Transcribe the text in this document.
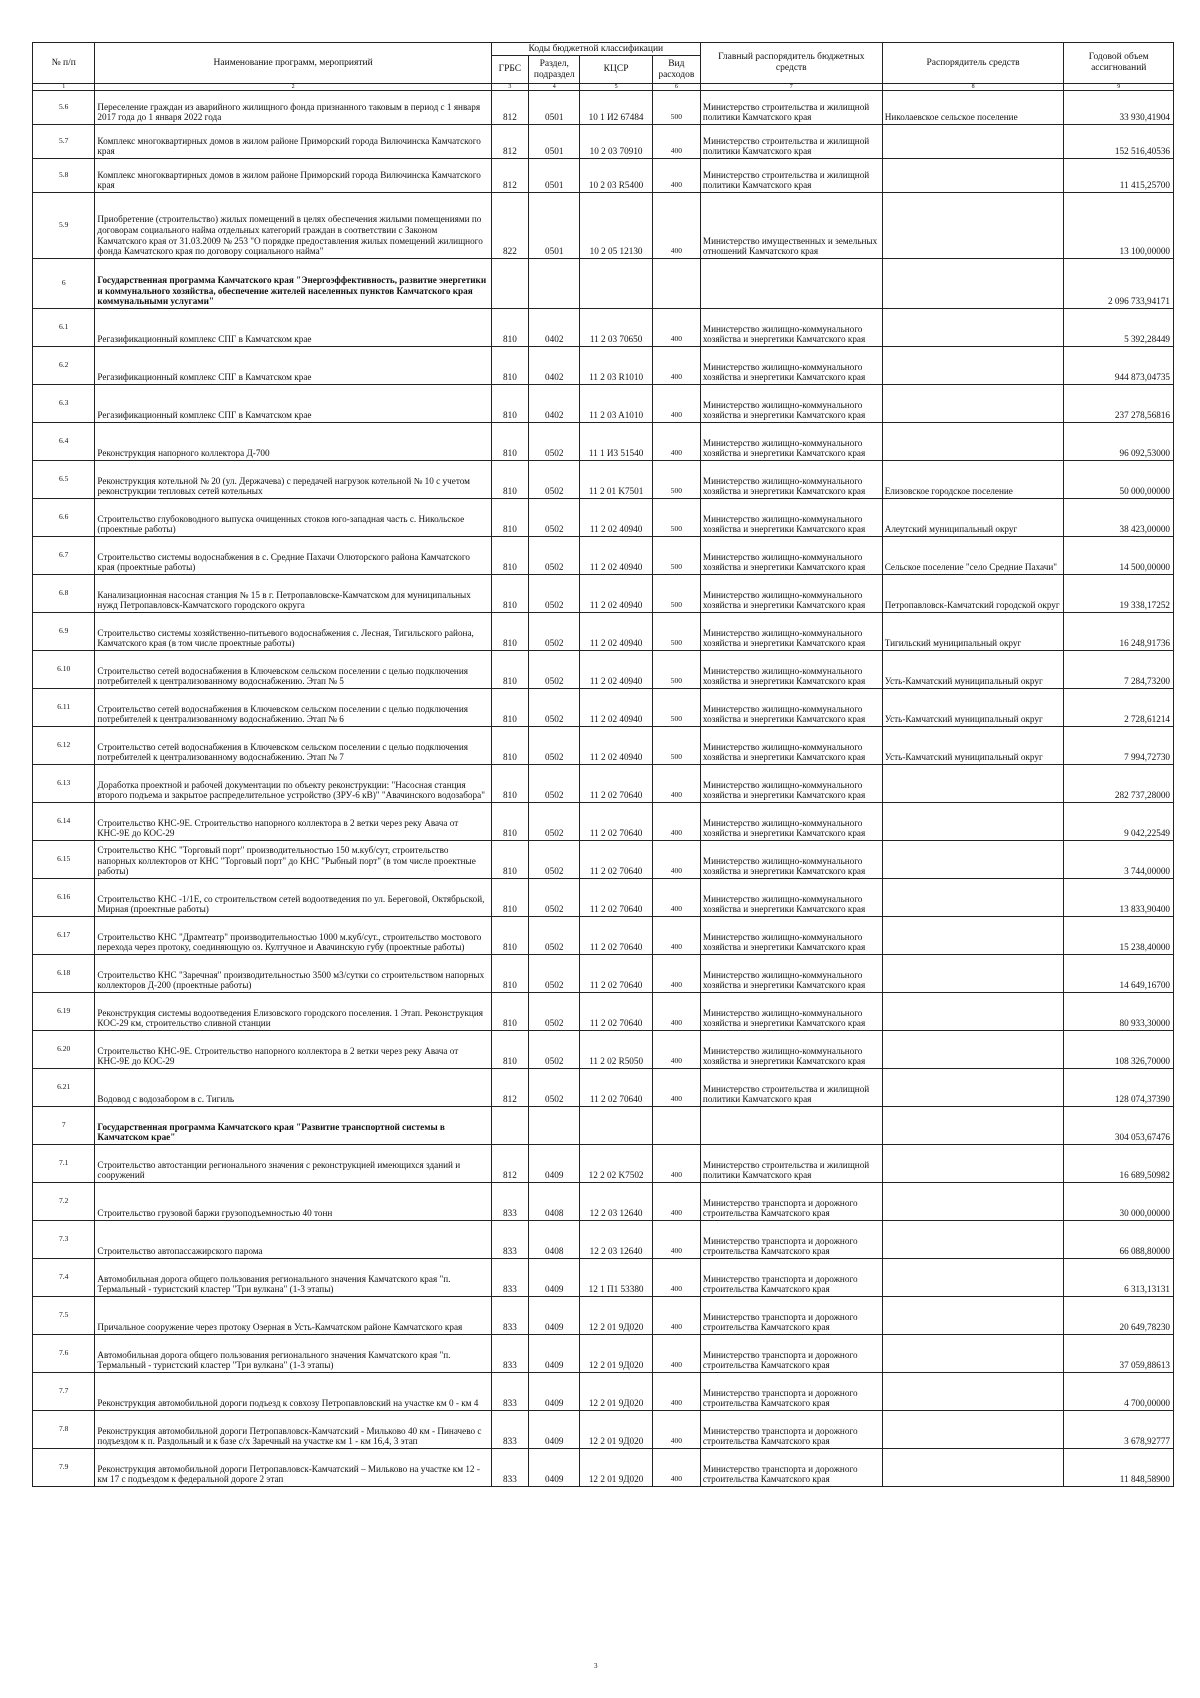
№ п/п	Наименование программ, мероприятий	Коды бюджетной классификации				Главный распорядитель бюджетных средств	Распорядитель средств	Годовой объем ассигнований
		ГРБС	Раздел, подраздел	КЦСР	Вид расходов			
1	2	3	4	5	6	7	8	9
5.6	Переселение граждан из аварийного жилищного фонда признанного таковым в период с 1 января 2017 года до 1 января 2022 года	812	0501	10 1 И2 67484	500	Министерство строительства и жилищной политики Камчатского края	Николаевское сельское поселение	33 930,41904
5.7	Комплекс многоквартирных домов в жилом районе Приморский города Вилючинска Камчатского края	812	0501	10 2 03 70910	400	Министерство строительства и жилищной политики Камчатского края		152 516,40536
5.8	Комплекс многоквартирных домов в жилом районе Приморский города Вилючинска Камчатского края	812	0501	10 2 03 R5400	400	Министерство строительства и жилищной политики Камчатского края		11 415,25700
5.9	Приобретение (строительство) жилых помещений в целях обеспечения жилыми помещениями по договорам социального найма отдельных категорий граждан в соответствии с Законом Камчатского края от 31.03.2009 № 253 "О порядке предоставления жилых помещений жилищного фонда Камчатского края по договору социального найма"	822	0501	10 2 05 12130	400	Министерство имущественных и земельных отношений Камчатского края		13 100,00000
6	Государственная программа Камчатского края "Энергоэффективность, развитие энергетики и коммунального хозяйства, обеспечение жителей населенных пунктов Камчатского края коммунальными услугами"							2 096 733,94171
6.1	Регазификационный комплекс СПГ в Камчатском крае	810	0402	11 2 03 70650	400	Министерство жилищно-коммунального хозяйства и энергетики Камчатского края		5 392,28449
6.2	Регазификационный комплекс СПГ в Камчатском крае	810	0402	11 2 03 R1010	400	Министерство жилищно-коммунального хозяйства и энергетики Камчатского края		944 873,04735
6.3	Регазификационный комплекс СПГ в Камчатском крае	810	0402	11 2 03 A1010	400	Министерство жилищно-коммунального хозяйства и энергетики Камчатского края		237 278,56816
6.4	Реконструкция напорного коллектора Д-700	810	0502	11 1 И3 51540	400	Министерство жилищно-коммунального хозяйства и энергетики Камчатского края		96 092,53000
6.5	Реконструкция котельной № 20 (ул. Держачева) с передачей нагрузок котельной № 10 с учетом реконструкции тепловых сетей котельных	810	0502	11 2 01 K7501	500	Министерство жилищно-коммунального хозяйства и энергетики Камчатского края	Елизовское городское поселение	50 000,00000
6.6	Строительство глубоководного выпуска очищенных стоков юго-западная часть с. Никольское (проектные работы)	810	0502	11 2 02 40940	500	Министерство жилищно-коммунального хозяйства и энергетики Камчатского края	Алеутский муниципальный округ	38 423,00000
6.7	Строительство системы водоснабжения в с. Средние Пахачи Олюторского района Камчатского края (проектные работы)	810	0502	11 2 02 40940	500	Министерство жилищно-коммунального хозяйства и энергетики Камчатского края	Сельское поселение "село Средние Пахачи"	14 500,00000
6.8	Канализационная насосная станция № 15 в г. Петропавловске-Камчатском для муниципальных нужд Петропавловск-Камчатского городского округа	810	0502	11 2 02 40940	500	Министерство жилищно-коммунального хозяйства и энергетики Камчатского края	Петропавловск-Камчатский городской округ	19 338,17252
6.9	Строительство системы хозяйственно-питьевого водоснабжения с. Лесная, Тигильского района, Камчатского края (в том числе проектные работы)	810	0502	11 2 02 40940	500	Министерство жилищно-коммунального хозяйства и энергетики Камчатского края	Тигильский муниципальный округ	16 248,91736
6.10	Строительство сетей водоснабжения в Ключевском сельском поселении с целью подключения потребителей к централизованному водоснабжению. Этап № 5	810	0502	11 2 02 40940	500	Министерство жилищно-коммунального хозяйства и энергетики Камчатского края	Усть-Камчатский муниципальный округ	7 284,73200
6.11	Строительство сетей водоснабжения в Ключевском сельском поселении с целью подключения потребителей к централизованному водоснабжению. Этап № 6	810	0502	11 2 02 40940	500	Министерство жилищно-коммунального хозяйства и энергетики Камчатского края	Усть-Камчатский муниципальный округ	2 728,61214
6.12	Строительство сетей водоснабжения в Ключевском сельском поселении с целью подключения потребителей к централизованному водоснабжению. Этап № 7	810	0502	11 2 02 40940	500	Министерство жилищно-коммунального хозяйства и энергетики Камчатского края	Усть-Камчатский муниципальный округ	7 994,72730
6.13	Доработка проектной и рабочей документации по объекту реконструкции: "Насосная станция второго подъема и закрытое распределительное устройство (ЗРУ-6 кВ)" "Авачинского водозабора"	810	0502	11 2 02 70640	400	Министерство жилищно-коммунального хозяйства и энергетики Камчатского края		282 737,28000
6.14	Строительство КНС-9Е. Строительство напорного коллектора в 2 ветки через реку Авача от КНС-9Е до КОС-29	810	0502	11 2 02 70640	400	Министерство жилищно-коммунального хозяйства и энергетики Камчатского края		9 042,22549
6.15	Строительство КНС "Торговый порт" производительностью 150 м.куб/сут, строительство напорных коллекторов от КНС "Торговый порт" до КНС "Рыбный порт" (в том числе проектные работы)	810	0502	11 2 02 70640	400	Министерство жилищно-коммунального хозяйства и энергетики Камчатского края		3 744,00000
6.16	Строительство КНС -1/1Е, со строительством сетей водоотведения по ул. Береговой, Октябрьской, Мирная (проектные работы)	810	0502	11 2 02 70640	400	Министерство жилищно-коммунального хозяйства и энергетики Камчатского края		13 833,90400
6.17	Строительство КНС "Драмтеатр" производительностью 1000 м.куб/сут., строительство мостового перехода через протоку, соединяющую оз. Култучное и Авачинскую губу (проектные работы)	810	0502	11 2 02 70640	400	Министерство жилищно-коммунального хозяйства и энергетики Камчатского края		15 238,40000
6.18	Строительство КНС "Заречная" производительностью 3500 м3/сутки со строительством напорных коллекторов Д-200 (проектные работы)	810	0502	11 2 02 70640	400	Министерство жилищно-коммунального хозяйства и энергетики Камчатского края		14 649,16700
6.19	Реконструкция системы водоотведения Елизовского городского поселения. 1 Этап. Реконструкция КОС-29 км, строительство сливной станции	810	0502	11 2 02 70640	400	Министерство жилищно-коммунального хозяйства и энергетики Камчатского края		80 933,30000
6.20	Строительство КНС-9Е. Строительство напорного коллектора в 2 ветки через реку Авача от КНС-9Е до КОС-29	810	0502	11 2 02 R5050	400	Министерство жилищно-коммунального хозяйства и энергетики Камчатского края		108 326,70000
6.21	Водовод с водозабором в с. Тигиль	812	0502	11 2 02 70640	400	Министерство строительства и жилищной политики Камчатского края		128 074,37390
7	Государственная программа Камчатского края "Развитие транспортной системы в Камчатском крае"							304 053,67476
7.1	Строительство автостанции регионального значения с реконструкцией имеющихся зданий и сооружений	812	0409	12 2 02 K7502	400	Министерство строительства и жилищной политики Камчатского края		16 689,50982
7.2	Строительство грузовой баржи грузоподъемностью 40 тонн	833	0408	12 2 03 12640	400	Министерство транспорта и дорожного строительства Камчатского края		30 000,00000
7.3	Строительство автопассажирского парома	833	0408	12 2 03 12640	400	Министерство транспорта и дорожного строительства Камчатского края		66 088,80000
7.4	Автомобильная дорога общего пользования регионального значения Камчатского края "п. Термальный - туристский кластер "Три вулкана" (1-3 этапы)	833	0409	12 1 П1 53380	400	Министерство транспорта и дорожного строительства Камчатского края		6 313,13131
7.5	Причальное сооружение через протоку Озерная в Усть-Камчатском районе Камчатского края	833	0409	12 2 01 9Д020	400	Министерство транспорта и дорожного строительства Камчатского края		20 649,78230
7.6	Автомобильная дорога общего пользования регионального значения Камчатского края "п. Термальный - туристский кластер "Три вулкана" (1-3 этапы)	833	0409	12 2 01 9Д020	400	Министерство транспорта и дорожного строительства Камчатского края		37 059,88613
7.7	Реконструкция автомобильной дороги подъезд к совхозу Петропавловский на участке км 0 - км 4	833	0409	12 2 01 9Д020	400	Министерство транспорта и дорожного строительства Камчатского края		4 700,00000
7.8	Реконструкция автомобильной дороги Петропавловск-Камчатский - Мильково 40 км - Пиначево с подъездом к п. Раздольный и к базе с/х Заречный на участке км 1 - км 16,4, 3 этап	833	0409	12 2 01 9Д020	400	Министерство транспорта и дорожного строительства Камчатского края		3 678,92777
7.9	Реконструкция автомобильной дороги Петропавловск-Камчатский – Мильково на участке км 12 - км 17 с подъездом к федеральной дороге 2 этап	833	0409	12 2 01 9Д020	400	Министерство транспорта и дорожного строительства Камчатского края		11 848,58900
3
